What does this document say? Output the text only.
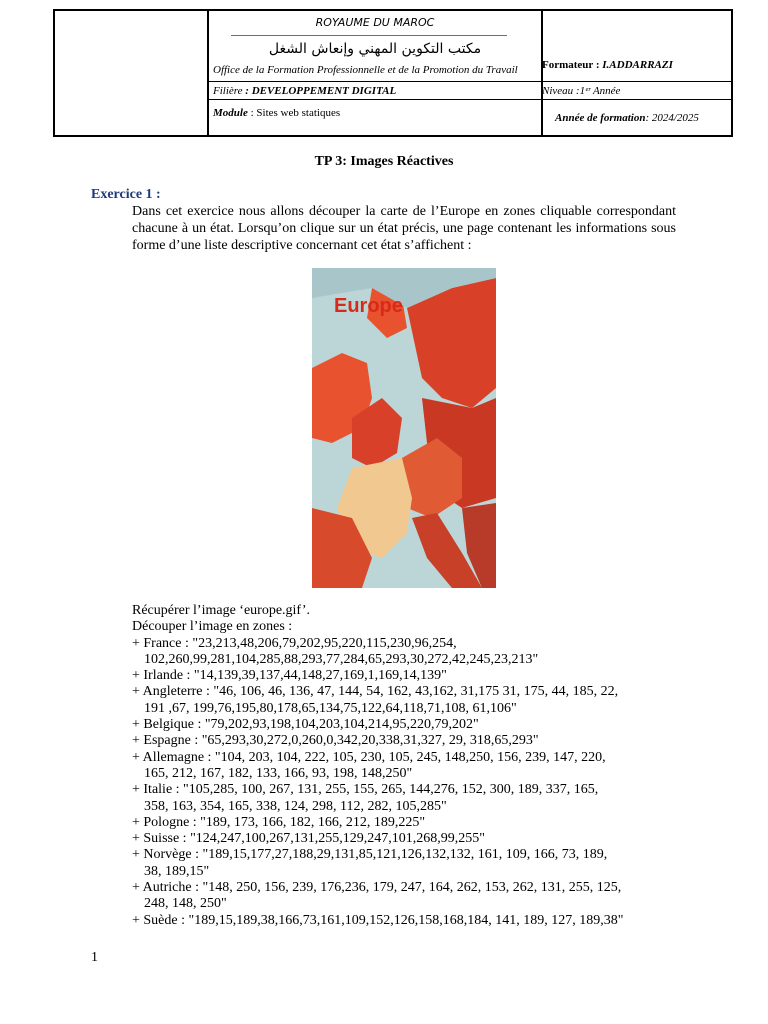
ROYAUME DU MAROC
مكتب التكوين المهني وإنعاش الشغل
Office de la Formation Professionnelle et de la Promotion du Travail	Formateur : I.ADDARRAZI
Filière : DEVELOPPEMENT DIGITAL	Niveau :1ᵉʳ Année
Module : Sites web statiques	Année de formation: 2024/2025
TP 3: Images Réactives
Exercice 1 :
Dans cet exercice nous allons découper la carte de l’Europe en zones cliquable correspondant chacune à un état. Lorsqu’on clique sur un état précis, une page contenant les informations sous forme d’une liste descriptive concernant cet état s’affichent :
Europe

Récupérer l’image ‘europe.gif’.

Découper l’image en zones :

+ France : "23,213,48,206,79,202,95,220,115,230,96,254,
102,260,99,281,104,285,88,293,77,284,65,293,30,272,42,245,23,213"

+ Irlande : "14,139,39,137,44,148,27,169,1,169,14,139"

+ Angleterre : "46, 106, 46, 136, 47, 144, 54, 162, 43,162, 31,175 31, 175, 44, 185, 22,
191 ,67, 199,76,195,80,178,65,134,75,122,64,118,71,108, 61,106"

+ Belgique : "79,202,93,198,104,203,104,214,95,220,79,202"

+ Espagne : "65,293,30,272,0,260,0,342,20,338,31,327, 29, 318,65,293"

+ Allemagne : "104, 203, 104, 222, 105, 230, 105, 245, 148,250, 156, 239, 147, 220,
165, 212, 167, 182, 133, 166, 93, 198, 148,250"

+ Italie : "105,285, 100, 267, 131, 255, 155, 265, 144,276, 152, 300, 189, 337, 165,
358, 163, 354, 165, 338, 124, 298, 112, 282, 105,285"

+ Pologne : "189, 173, 166, 182, 166, 212, 189,225"

+ Suisse : "124,247,100,267,131,255,129,247,101,268,99,255"

+ Norvège : "189,15,177,27,188,29,131,85,121,126,132,132, 161, 109, 166, 73, 189,
38, 189,15"

+ Autriche : "148, 250, 156, 239, 176,236, 179, 247, 164, 262, 153, 262, 131, 255, 125,
248, 148, 250"

+ Suède : "189,15,189,38,166,73,161,109,152,126,158,168,184, 141, 189, 127, 189,38"

1
